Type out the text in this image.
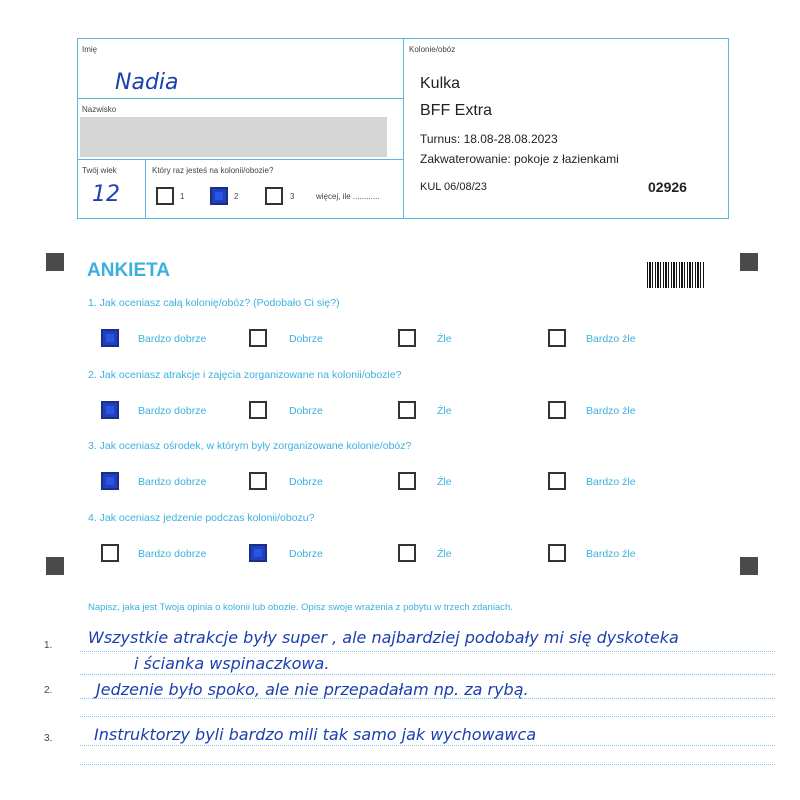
Imię
Nadia
Nazwisko
Twój wiek
12
Który raz jesteś na kolonii/obozie?
1	2	3	więcej, ile ............
Kolonie/obóz
Kulka
BFF Extra
Turnus: 18.08-28.08.2023
Zakwaterowanie: pokoje z łazienkami
KUL 06/08/23	02926
ANKIETA
1. Jak oceniasz całą kolonię/obóz? (Podobało Ci się?)
Bardzo dobrze	Dobrze	Źle	Bardzo źle
2. Jak oceniasz atrakcje i zajęcia zorganizowane na kolonii/obozie?
Bardzo dobrze	Dobrze	Źle	Bardzo źle
3. Jak oceniasz ośrodek, w którym były zorganizowane kolonie/obóz?
Bardzo dobrze	Dobrze	Źle	Bardzo źle
4. Jak oceniasz jedzenie podczas kolonii/obozu?
Bardzo dobrze	Dobrze	Źle	Bardzo źle
Napisz, jaka jest Twoja opinia o kolonii lub obozie. Opisz swoje wrażenia z pobytu w trzech zdaniach.
1. Wszystkie atrakcje były super , ale najbardziej podobały mi się dyskoteka
i ścianka wspinaczkowa.
2.	Jedzenie było spoko, ale nie przepadałam np. za rybą.
3.	Instruktorzy byli bardzo mili tak samo jak wychowawca
